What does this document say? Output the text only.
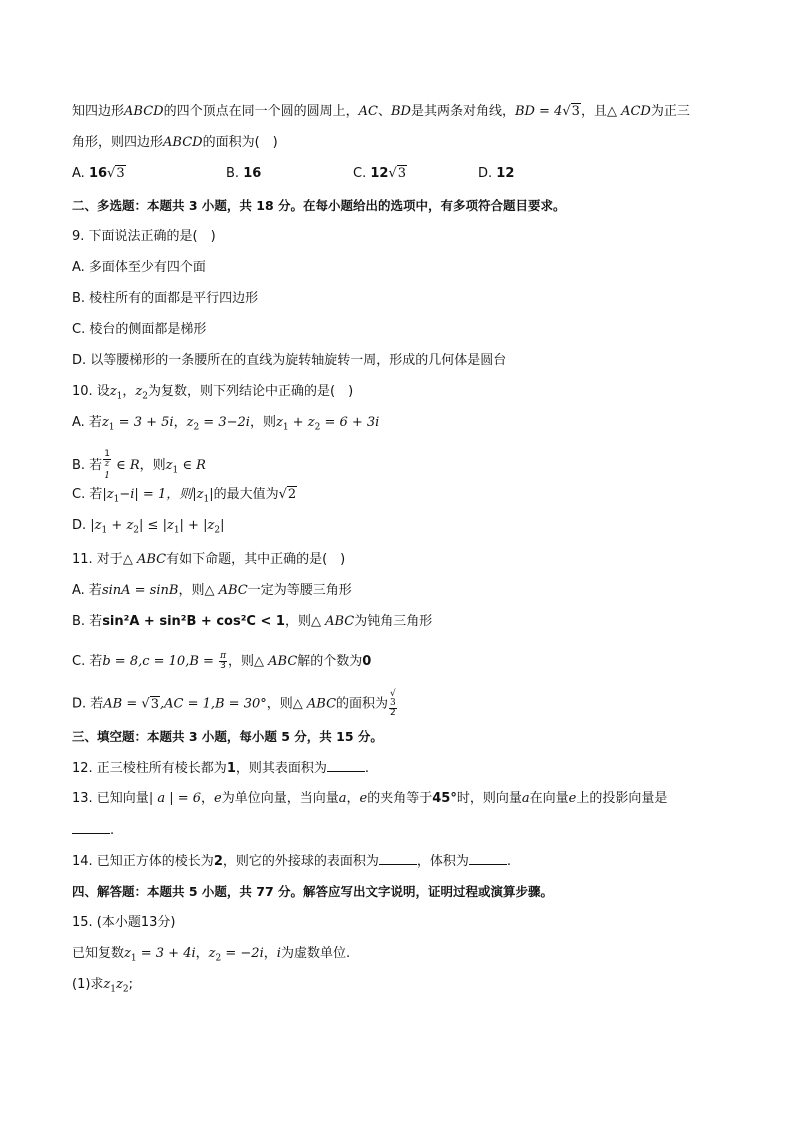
知四边形ABCD的四个顶点在同一个圆的圆周上，AC、BD是其两条对角线，BD = 4√3，且△ ACD为正三
角形，则四边形ABCD的面积为(　)
A. 16√3	B. 16	C. 12√3	D. 12
二、多选题：本题共 3 小题，共 18 分。在每小题给出的选项中，有多项符合题目要求。
9. 下面说法正确的是(　)
A. 多面体至少有四个面
B. 棱柱所有的面都是平行四边形
C. 棱台的侧面都是梯形
D. 以等腰梯形的一条腰所在的直线为旋转轴旋转一周，形成的几何体是圆台
10. 设$z_1$，$z_2$为复数，则下列结论中正确的是(　)
A. 若$z_1 = 3 + 5i$，$z_2 = 3-2i$，则$z_1 + z_2 = 6 + 3i$
B. 若 1
z
$_1$ ∈ R，则$z_1$ ∈ R
C. 若$|z_1-i| = 1$，则$|z_1|$的最大值为√2
D. $|z_1 + z_2| \le |z_1| + |z_2|$
11. 对于△ ABC有如下命题，其中正确的是(　)
A. 若sinA = sinB，则△ ABC一定为等腰三角形
B. 若sin²A + sin²B + cos²C < 1，则△ ABC为钝角三角形
C. 若$b = 8,c = 10,B = \frac{\pi}{3}$ ，则△ ABC解的个数为0
D. 若AB = √3,AC = 1,B = 30°，则△ ABC的面积为 √
3
2
三、填空题：本题共 3 小题，每小题 5 分，共 15 分。
12. 正三棱柱所有棱长都为1，则其表面积为	.
13. 已知向量| a | = 6，e为单位向量，当向量a，e的夹角等于45°时，则向量a在向量e上的投影向量是
.
14. 已知正方体的棱长为2，则它的外接球的表面积为	，体积为	.
四、解答题：本题共 5 小题，共 77 分。解答应写出文字说明，证明过程或演算步骤。
15. (本小题13分)
已知复数$z_1 = 3 + 4i$，$z_2 = -2i$，i为虚数单位.
(1)求$z_1z_2$;
